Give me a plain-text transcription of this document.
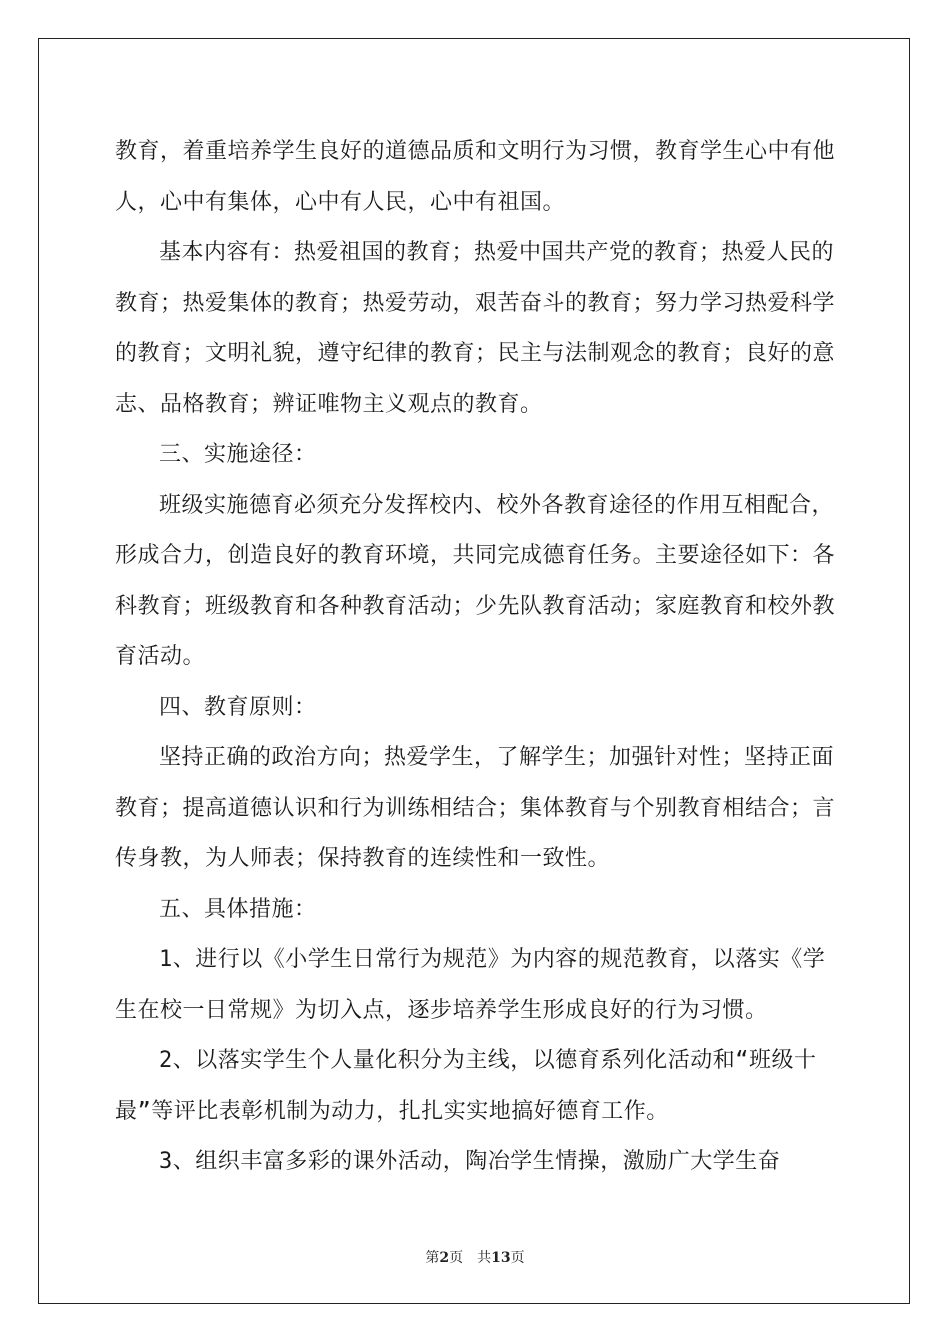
教育，着重培养学生良好的道德品质和文明行为习惯，教育学生心中有他人，心中有集体，心中有人民，心中有祖国。

基本内容有：热爱祖国的教育；热爱中国共产党的教育；热爱人民的教育；热爱集体的教育；热爱劳动，艰苦奋斗的教育；努力学习热爱科学的教育；文明礼貌，遵守纪律的教育；民主与法制观念的教育；良好的意志、品格教育；辨证唯物主义观点的教育。

三、实施途径：

班级实施德育必须充分发挥校内、校外各教育途径的作用互相配合，形成合力，创造良好的教育环境，共同完成德育任务。主要途径如下：各科教育；班级教育和各种教育活动；少先队教育活动；家庭教育和校外教育活动。

四、教育原则：

坚持正确的政治方向；热爱学生，了解学生；加强针对性；坚持正面教育；提高道德认识和行为训练相结合；集体教育与个别教育相结合；言传身教，为人师表；保持教育的连续性和一致性。

五、具体措施：

1、进行以《小学生日常行为规范》为内容的规范教育，以落实《学生在校一日常规》为切入点，逐步培养学生形成良好的行为习惯。

2、以落实学生个人量化积分为主线，以德育系列化活动和“班级十最”等评比表彰机制为动力，扎扎实实地搞好德育工作。

3、组织丰富多彩的课外活动，陶冶学生情操，激励广大学生奋

第2页 共13页
